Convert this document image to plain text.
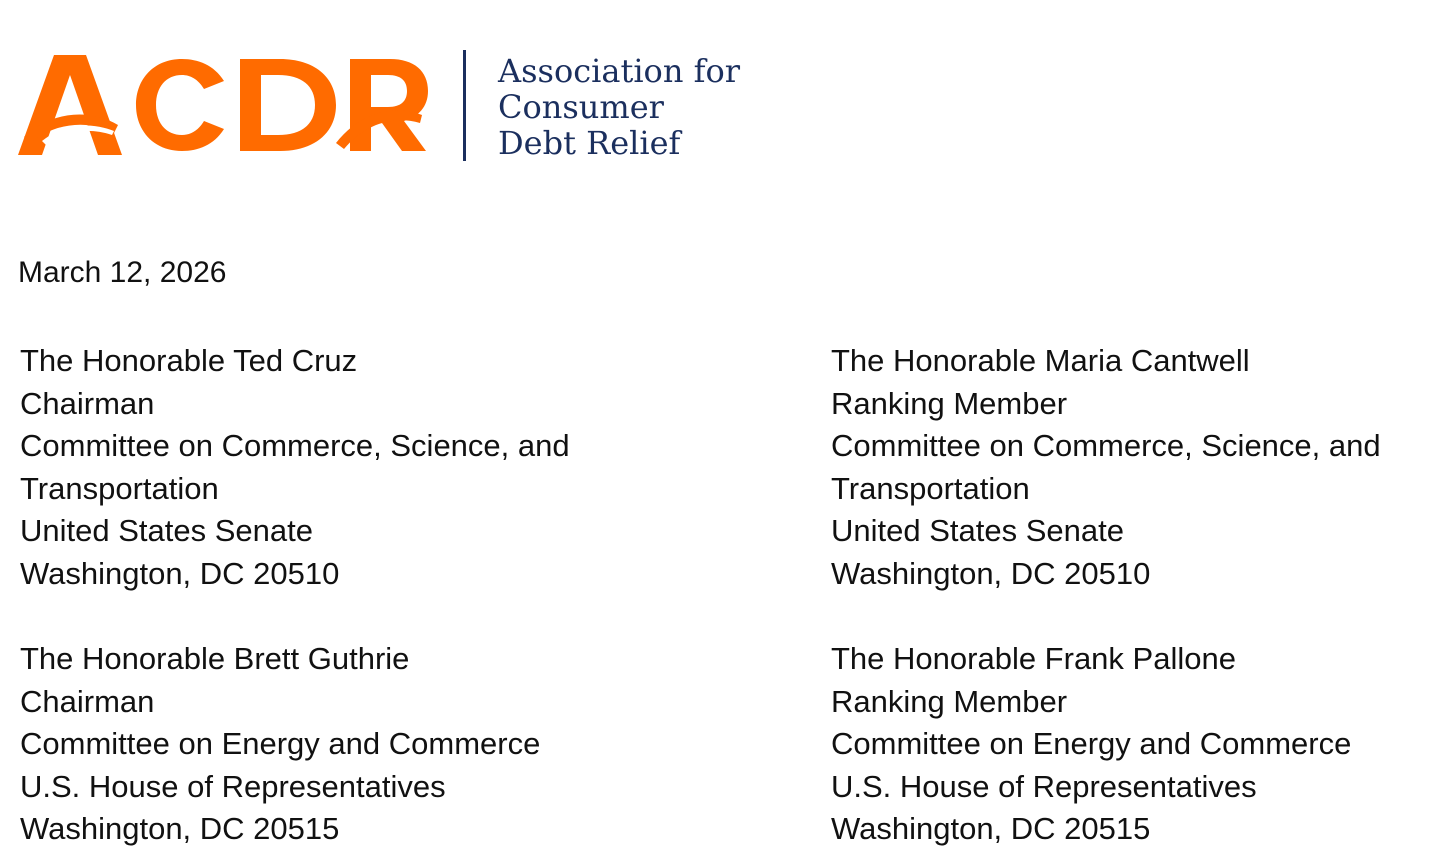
Association for
Consumer
Debt Relief
March 12, 2026
The Honorable Ted Cruz
Chairman
Committee on Commerce, Science, and
Transportation
United States Senate
Washington, DC 20510
The Honorable Maria Cantwell
Ranking Member
Committee on Commerce, Science, and
Transportation
United States Senate
Washington, DC 20510
The Honorable Brett Guthrie
Chairman
Committee on Energy and Commerce
U.S. House of Representatives
Washington, DC 20515
The Honorable Frank Pallone
Ranking Member
Committee on Energy and Commerce
U.S. House of Representatives
Washington, DC 20515
